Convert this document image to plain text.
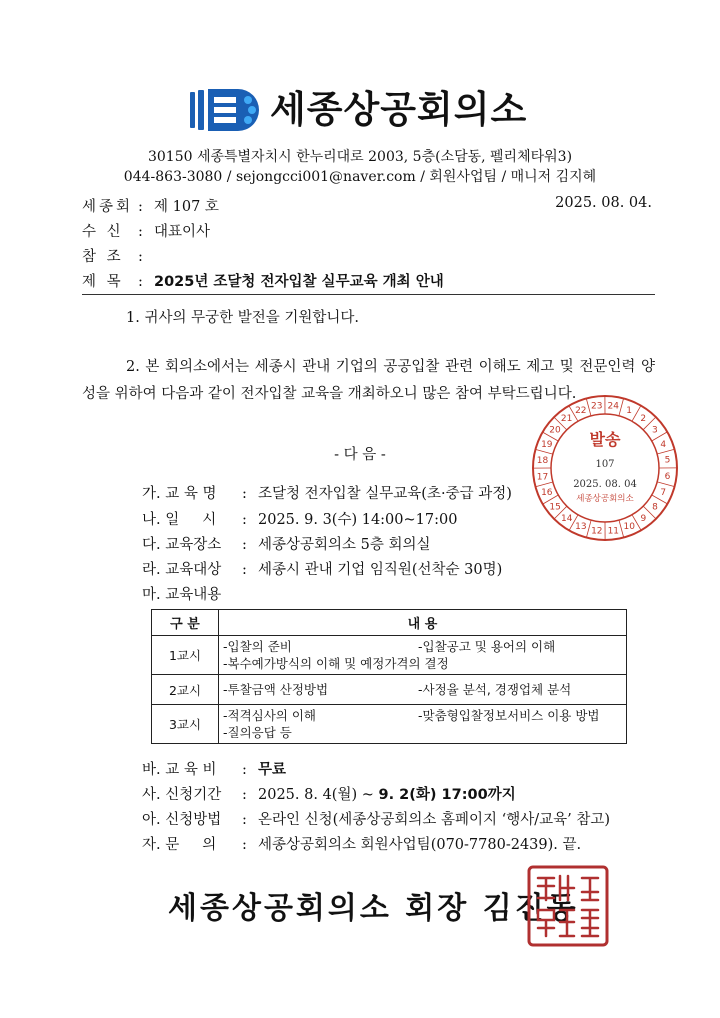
세종상공회의소
30150 세종특별자치시 한누리대로 2003, 5층(소담동, 펠리체타워3)
044-863-3080 / sejongcci001@naver.com / 회원사업팀 / 매니저 김지혜
세종회 : 제 107 호	2025. 08. 04.
수 신 : 대표이사
참 조 :
제 목 : 2025년 조달청 전자입찰 실무교육 개최 안내
1. 귀사의 무궁한 발전을 기원합니다.
2. 본 회의소에서는 세종시 관내 기업의 공공입찰 관련 이해도 제고 및 전문인력 양성을 위하여 다음과 같이 전자입찰 교육을 개최하오니 많은 참여 부탁드립니다.
- 다 음 -
가. 교 육 명 : 조달청 전자입찰 실무교육(초·중급 과정)
나. 일     시 : 2025. 9. 3(수) 14:00~17:00
다. 교육장소 : 세종상공회의소 5층 회의실
라. 교육대상 : 세종시 관내 기업 임직원(선착순 30명)
마. 교육내용
구 분	내 용
1교시	-입찰의 준비 -입찰공고 및 용어의 이해
-복수예가방식의 이해 및 예정가격의 결정

2교시	-투찰금액 산정방법 -사정율 분석, 경쟁업체 분석

3교시	-적격심사의 이해 -맞춤형입찰정보서비스 이용 방법
-질의응답 등
바. 교 육 비 : 무료
사. 신청기간 : 2025. 8. 4(월) ~ 9. 2(화) 17:00까지
아. 신청방법 : 온라인 신청(세종상공회의소 홈페이지 ‘행사/교육’ 참고)
자. 문     의 : 세종상공회의소 회원사업팀(070-7780-2439). 끝.
세종상공회의소 회장 김진동
1
2
3
4
5
6
7
8
9
10
11
12
13
14
15
16
17
18
19
20
21
22 23 24
발송
107
2025. 08. 04
세종상공회의소
